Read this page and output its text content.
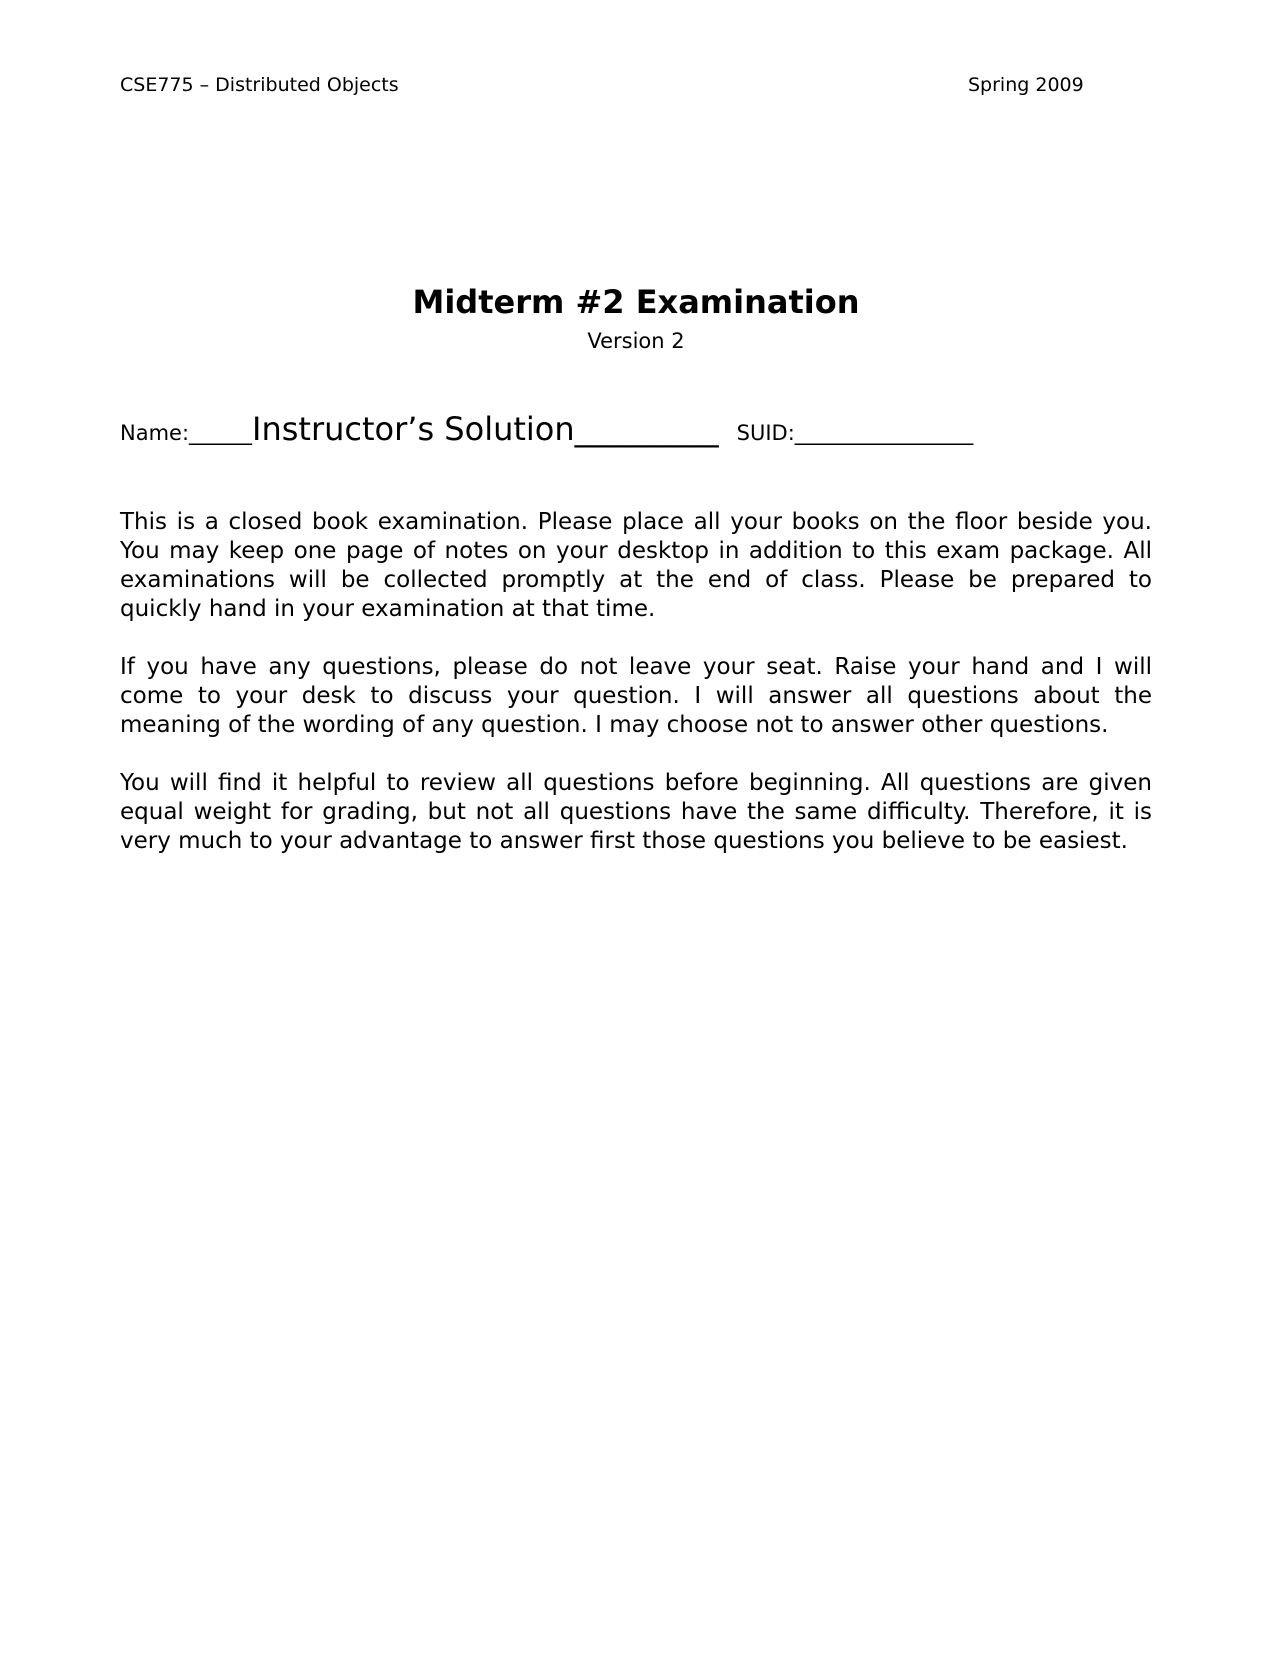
CSE775 – Distributed Objects	Spring 2009
Midterm #2 Examination
Version 2
Name:______Instructor’s Solution_________ SUID:_________________

This is a closed book examination. Please place all your books on the floor beside you. You may keep one page of notes on your desktop in addition to this exam package. All examinations will be collected promptly at the end of class. Please be prepared to quickly hand in your examination at that time.

If you have any questions, please do not leave your seat. Raise your hand and I will come to your desk to discuss your question. I will answer all questions about the meaning of the wording of any question. I may choose not to answer other questions.

You will find it helpful to review all questions before beginning. All questions are given equal weight for grading, but not all questions have the same difficulty. Therefore, it is very much to your advantage to answer first those questions you believe to be easiest.
